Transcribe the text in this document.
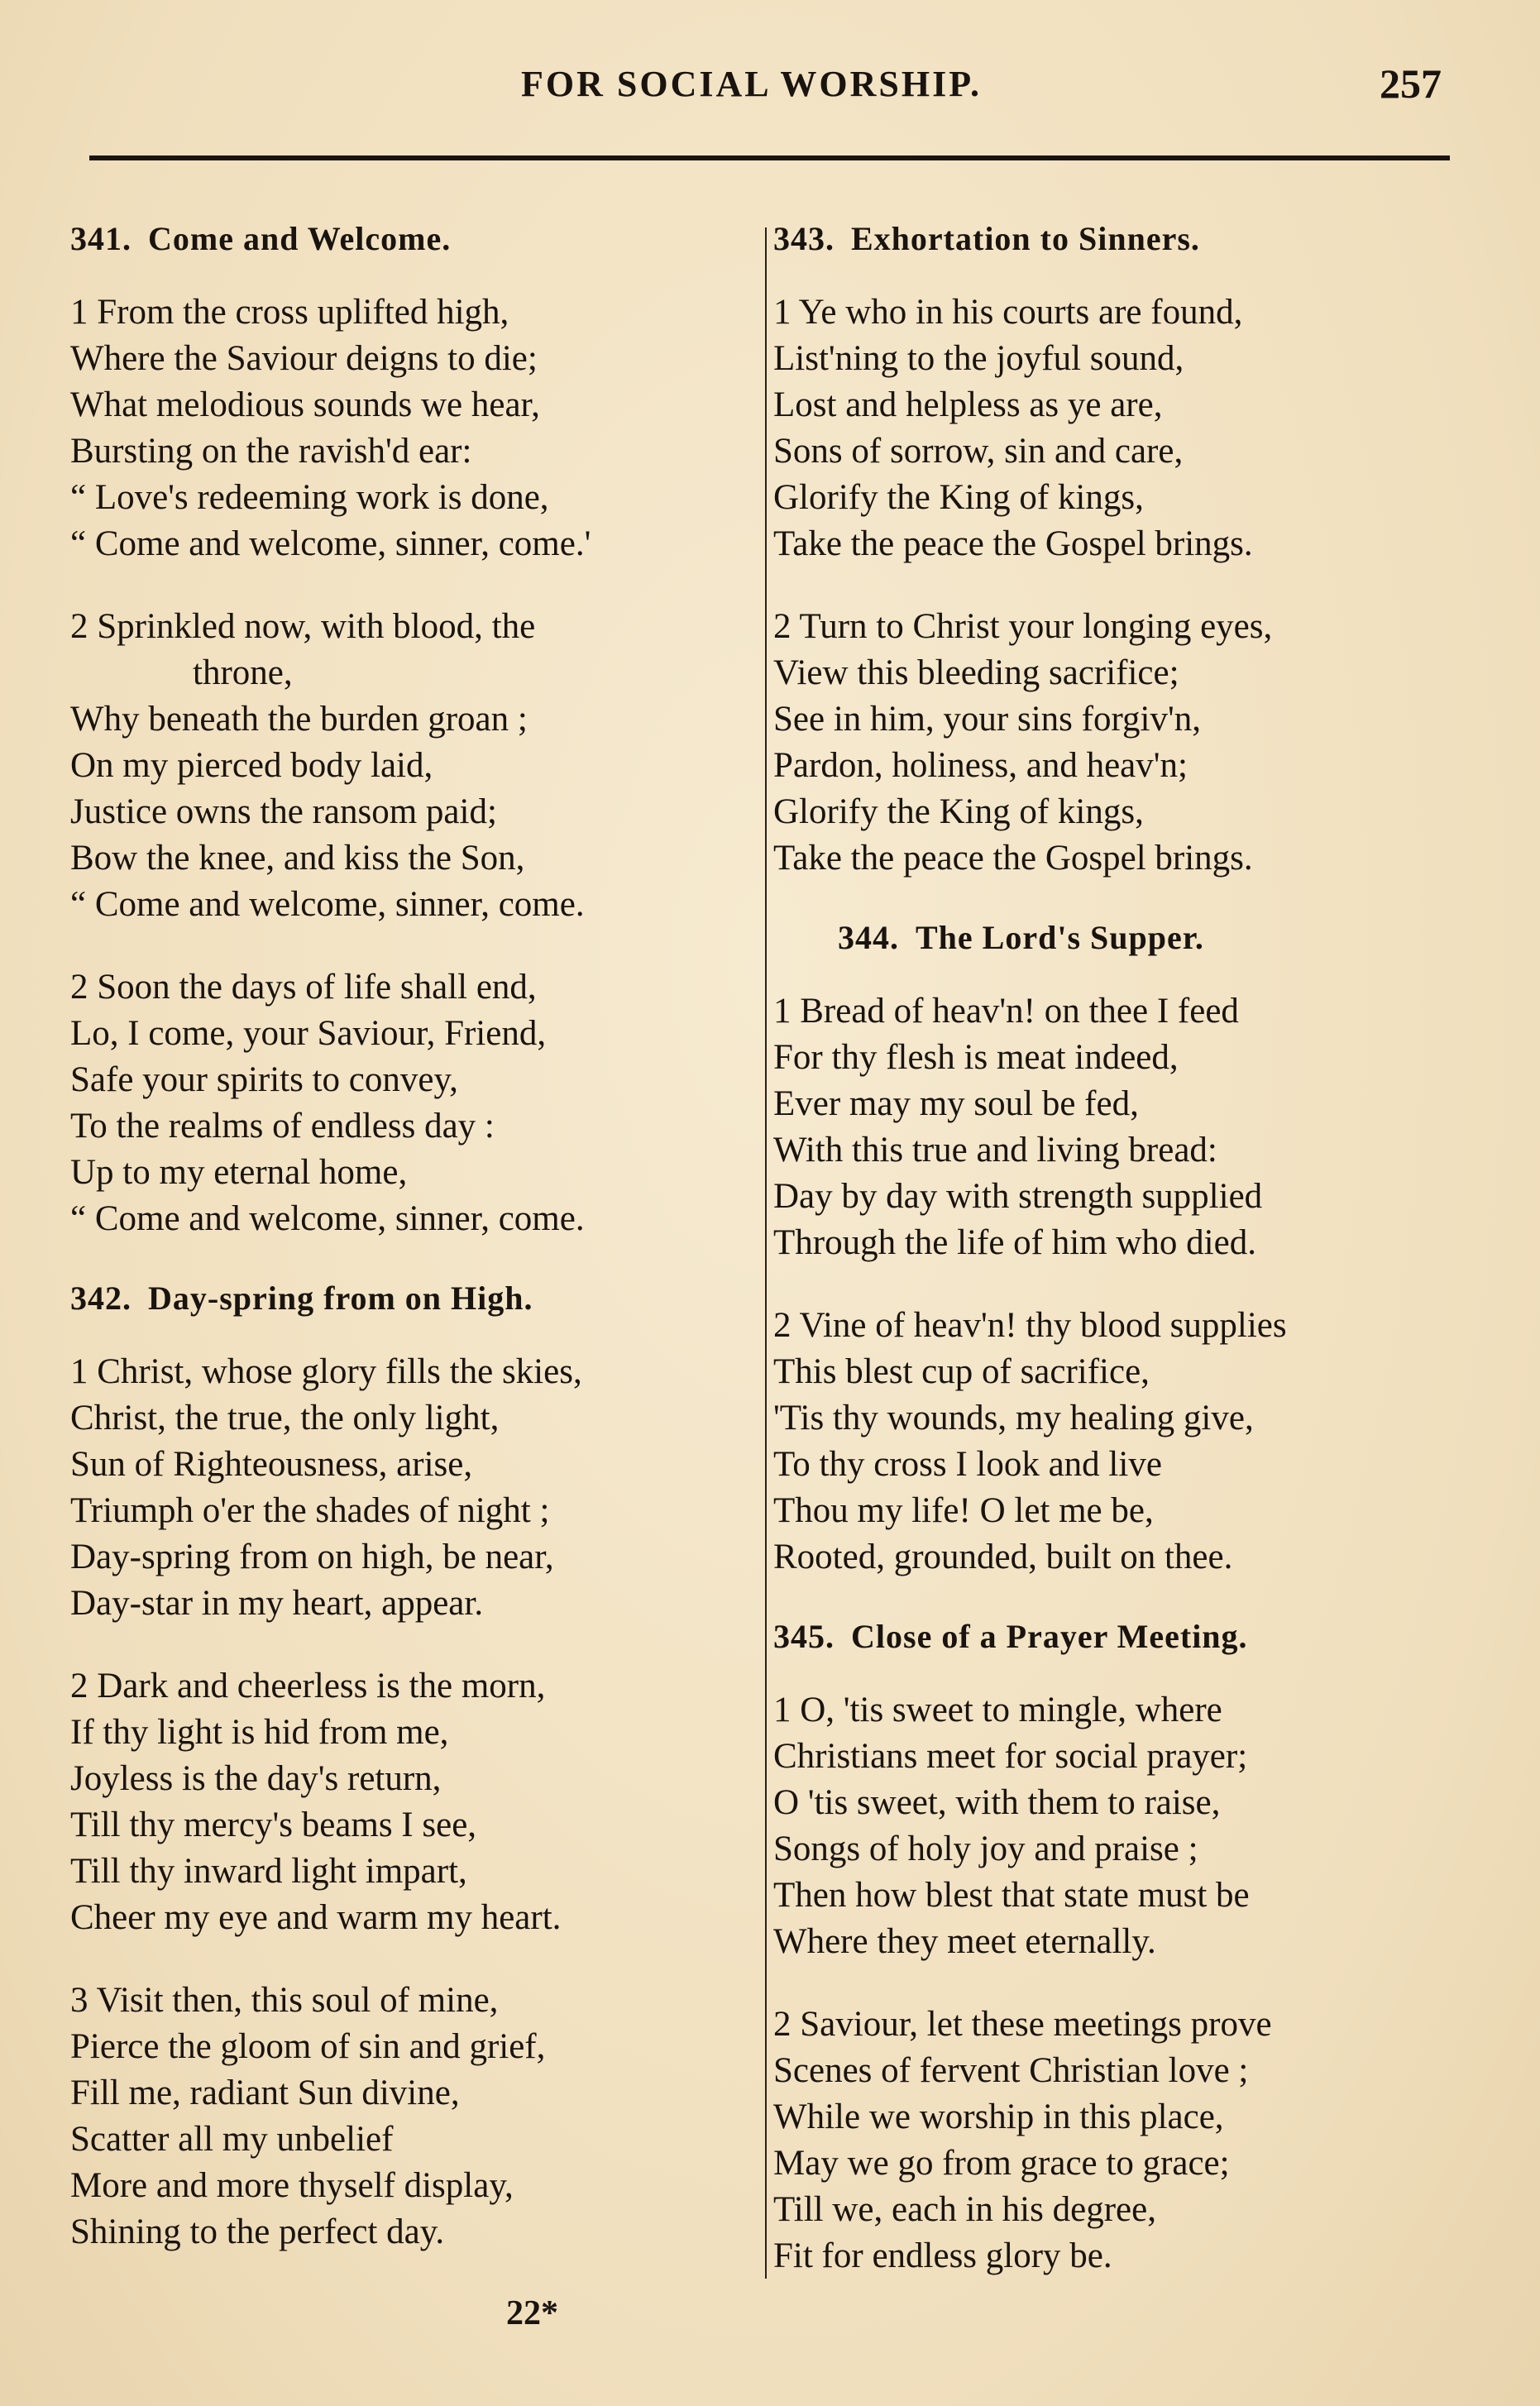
FOR SOCIAL WORSHIP.	257
341. Come and Welcome.
1 From the cross uplifted high,
Where the Saviour deigns to die;
What melodious sounds we hear,
Bursting on the ravish'd ear:
“ Love's redeeming work is done,
“ Come and welcome, sinner, come.'
2 Sprinkled now, with blood, the
throne,
Why beneath the burden groan ;
On my pierced body laid,
Justice owns the ransom paid;
Bow the knee, and kiss the Son,
“ Come and welcome, sinner, come.
2 Soon the days of life shall end,
Lo, I come, your Saviour, Friend,
Safe your spirits to convey,
To the realms of endless day :
Up to my eternal home,
“ Come and welcome, sinner, come.
342. Day-spring from on High.
1 Christ, whose glory fills the skies,
Christ, the true, the only light,
Sun of Righteousness, arise,
Triumph o'er the shades of night ;
Day-spring from on high, be near,
Day-star in my heart, appear.
2 Dark and cheerless is the morn,
If thy light is hid from me,
Joyless is the day's return,
Till thy mercy's beams I see,
Till thy inward light impart,
Cheer my eye and warm my heart.
3 Visit then, this soul of mine,
Pierce the gloom of sin and grief,
Fill me, radiant Sun divine,
Scatter all my unbelief
More and more thyself display,
Shining to the perfect day.
343. Exhortation to Sinners.
1 Ye who in his courts are found,
List'ning to the joyful sound,
Lost and helpless as ye are,
Sons of sorrow, sin and care,
Glorify the King of kings,
Take the peace the Gospel brings.
2 Turn to Christ your longing eyes,
View this bleeding sacrifice;
See in him, your sins forgiv'n,
Pardon, holiness, and heav'n;
Glorify the King of kings,
Take the peace the Gospel brings.
344. The Lord's Supper.
1 Bread of heav'n! on thee I feed
For thy flesh is meat indeed,
Ever may my soul be fed,
With this true and living bread:
Day by day with strength supplied
Through the life of him who died.
2 Vine of heav'n! thy blood supplies
This blest cup of sacrifice,
'Tis thy wounds, my healing give,
To thy cross I look and live
Thou my life! O let me be,
Rooted, grounded, built on thee.
345. Close of a Prayer Meeting.
1 O, 'tis sweet to mingle, where
Christians meet for social prayer;
O 'tis sweet, with them to raise,
Songs of holy joy and praise ;
Then how blest that state must be
Where they meet eternally.
2 Saviour, let these meetings prove
Scenes of fervent Christian love ;
While we worship in this place,
May we go from grace to grace;
Till we, each in his degree,
Fit for endless glory be.
22*
